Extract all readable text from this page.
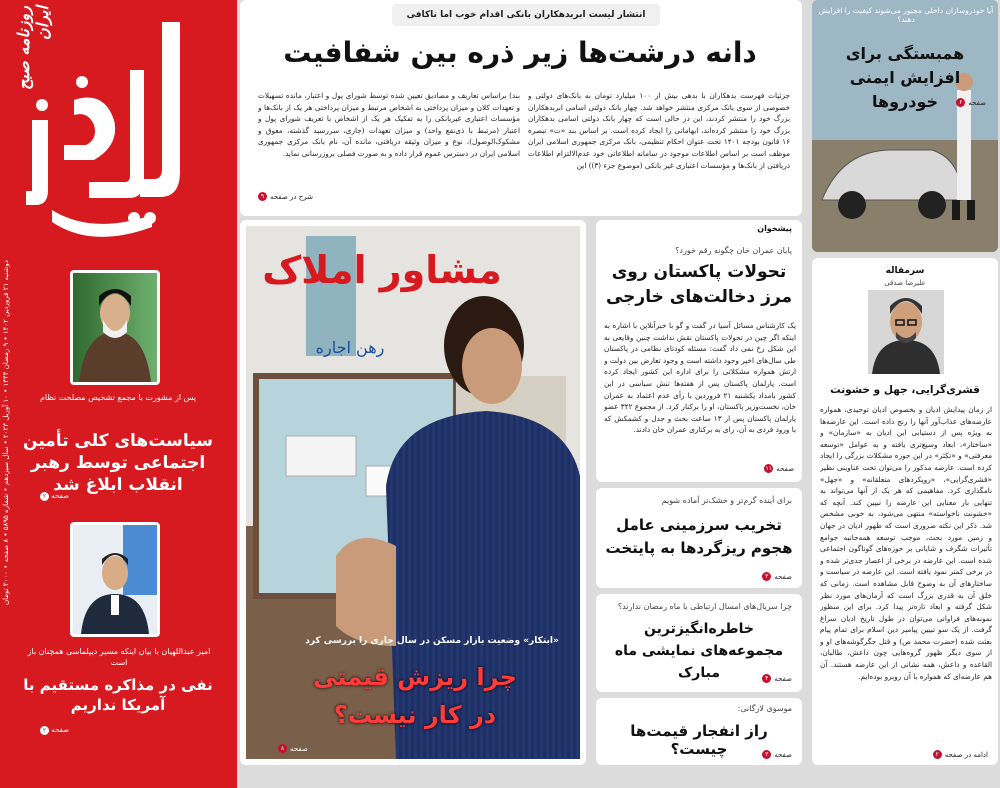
روزنامه صبح ایران
دوشنبه ۲۱ فروردین ۱۴۰۲ • ۹ رمضان ۱۴۴۴ • ۱۰ آوریل ۲۰۲۳ • سال سیزدهم • شماره ۵۸۹۵ • ۸ صفحه • ۳۰۰۰ تومان
پس از مشورت با مجمع تشخیص مصلحت نظام
سیاست‌های کلی تأمین اجتماعی توسط رهبر انقلاب ابلاغ شد
صفحه ۲
امیر عبداللهیان با بیان اینکه مسیر دیپلماسی همچنان باز است
نفی در مذاکره مستقیم با آمریکا نداریم
صفحه ۲
انتشار لیست ابربدهکاران بانکی اقدام خوب اما ناکافی
دانه درشت‌ها زیر ذره بین شفافیت
جزئیات فهرست بدهکاران با بدهی بیش از ۱۰۰ میلیارد تومان به بانک‌های دولتی و خصوصی از سوی بانک مرکزی منتشر خواهد شد. چهار بانک دولتی اسامی ابربدهکاران بزرگ خود را منتشر کردند، این در حالی است که چهار بانک دولتی اسامی بدهکاران بزرگ خود را منتشر کرده‌اند، ابهاماتی را ایجاد کرده است. بر اساس بند «ت» تبصره ۱۶ قانون بودجه ۱۴۰۱ تحت عنوان احکام تنظیمی، بانک مرکزی جمهوری اسلامی ایران موظف است بر اساس اطلاعات موجود در سامانه اطلاعاتی خود عدم‌الالتزام اطلاعات دریافتی از بانک‌ها و مؤسسات اعتباری غیر بانکی (موضوع جزء (۳)) این
بند) براساس تعاریف و مصادیق تعیین شده توسط شورای پول و اعتبار، مانده تسهیلات و تعهدات کلان و میزان پرداختی به اشخاص مرتبط و میزان پرداختی هر یک از بانک‌ها و مؤسسات اعتباری غیربانکی را به تفکیک هر یک از اشخاص با تعریف شورای پول و اعتبار (مرتبط با ذی‌نفع واحد) و میزان تعهدات (جاری، سررسید گذشته، معوق و مشکوک‌الوصول)، نوع و میزان وثیقه دریافتی، مانده آن، نام بانک مرکزی جمهوری اسلامی ایران در دسترس عموم قرار داده و به صورت فصلی بروزرسانی نماید.
شرح در صفحه
۹
مشاور املاک
رهن اجاره
«ابتکار» وضعیت بازار مسکن در سال جاری را بررسی کرد
چرا ریزش قیمتی در کار نیست؟
صفحه
۸
پیشخوان
پایان عمران خان چگونه رقم خورد؟
تحولات پاکستان روی مرز دخالت‌های خارجی
یک کارشناس مسائل آسیا در گفت و گو با خبرآنلاین با اشاره به اینکه اگر چین در تحولات پاکستان نقش نداشت چنین وقایعی به این شکل رخ نمی داد گفت: مسئله کودتای نظامی در پاکستان طی سال‌های اخیر وجود داشته است و وجود تعارض بین دولت و ارتش همواره مشکلاتی را برای اداره این کشور ایجاد کرده است. پارلمان پاکستان پس از هفته‌ها تنش سیاسی در این کشور بامداد یکشنبه ۲۱ فروردین با رأی عدم اعتماد به عمران خان، نخست‌وزیر پاکستان، او را برکنار کرد. از مجموع ۳۴۲ عضو پارلمان پاکستان پس از ۱۳ ساعت بحث و جدل و کشمکش که با ورود فردی به آن، رای به برکناری عمران خان دادند.
صفحه
۱۱
برای آینده گرم‌تر و خشک‌تر آماده شویم
تخریب سرزمینی عامل هجوم ریزگردها به پایتخت
صفحه
۳
چرا سریال‌های امسال ارتباطی با ماه رمضان ندارند؟
خاطره‌انگیزترین مجموعه‌های نمایشی ماه مبارک	صفحه
۴
موسوی لارگانی:
راز انفجار قیمت‌ها چیست؟	صفحه
۳
آیا خودروسازان داخلی مجبور می‌شوند کیفیت را افزایش دهند؟
همبستگی برای افزایش ایمنی خودروها	صفحه
۶
سرمقاله
علیرضا صدقی
قشری‌گرایی، جهل و خشونت
از زمان پیدایش ادیان و بخصوص ادیان توحیدی، همواره عارضه‌های عذاب‌آور آنها را رنج داده است. این عارضه‌ها به ویژه پس از دستیابی این ادیان به «سازمان» و «ساختار»، ابعاد وسیع‌تری یافته و به عوامل «توسعه معرفتی» و «تکثر» در این حوزه مشکلات بزرگی را ایجاد کرده است. عارضه مذکور را می‌توان تحت عناوینی نظیر «قشری‌گرایی»، «رویکردهای متعلقانه» و «جهل» نامگذاری کرد. مفاهیمی که هر یک از آنها می‌تواند به تنهایی بار معنایی این عارضه را تبیین کند. آنچه که «خشونت ناخواسته» منتهی می‌شود، به خوبی مشخص شد. ذکر این نکته ضروری است که ظهور ادیان در جهان و زمین مورد بحث، موجب توسعه همه‌جانبه جوامع تأثیرات شگرف و شایانی بر حوزه‌های گوناگون اجتماعی شده است. این عارضه در برخی از اعصار جدی‌تر شده و در برخی کمتر نمود یافته است. این عارضه در سیاست و ساختارهای آن به وضوح قابل مشاهده است. زمانی که خلق آن به قدری بزرگ است که آرمان‌های مورد نظر شکل گرفته و ابعاد تازه‌تر پیدا کرد. برای این منظور نمونه‌های فراوانی می‌توان در طول تاریخ ادیان سراغ گرفت. از یک سو تبیین پیامبر دین اسلام برای تمام پیام بعثت شده (حضرت محمد ص) و قتل جگرگوشه‌های او و از سوی دیگر ظهور گروه‌هایی چون داعش، طالبان، القاعده و داعش، همه نشانی از این عارضه هستند. آن هم عارضه‌ای که همواره با آن روبرو بوده‌ایم.
ادامه در صفحه
۲
